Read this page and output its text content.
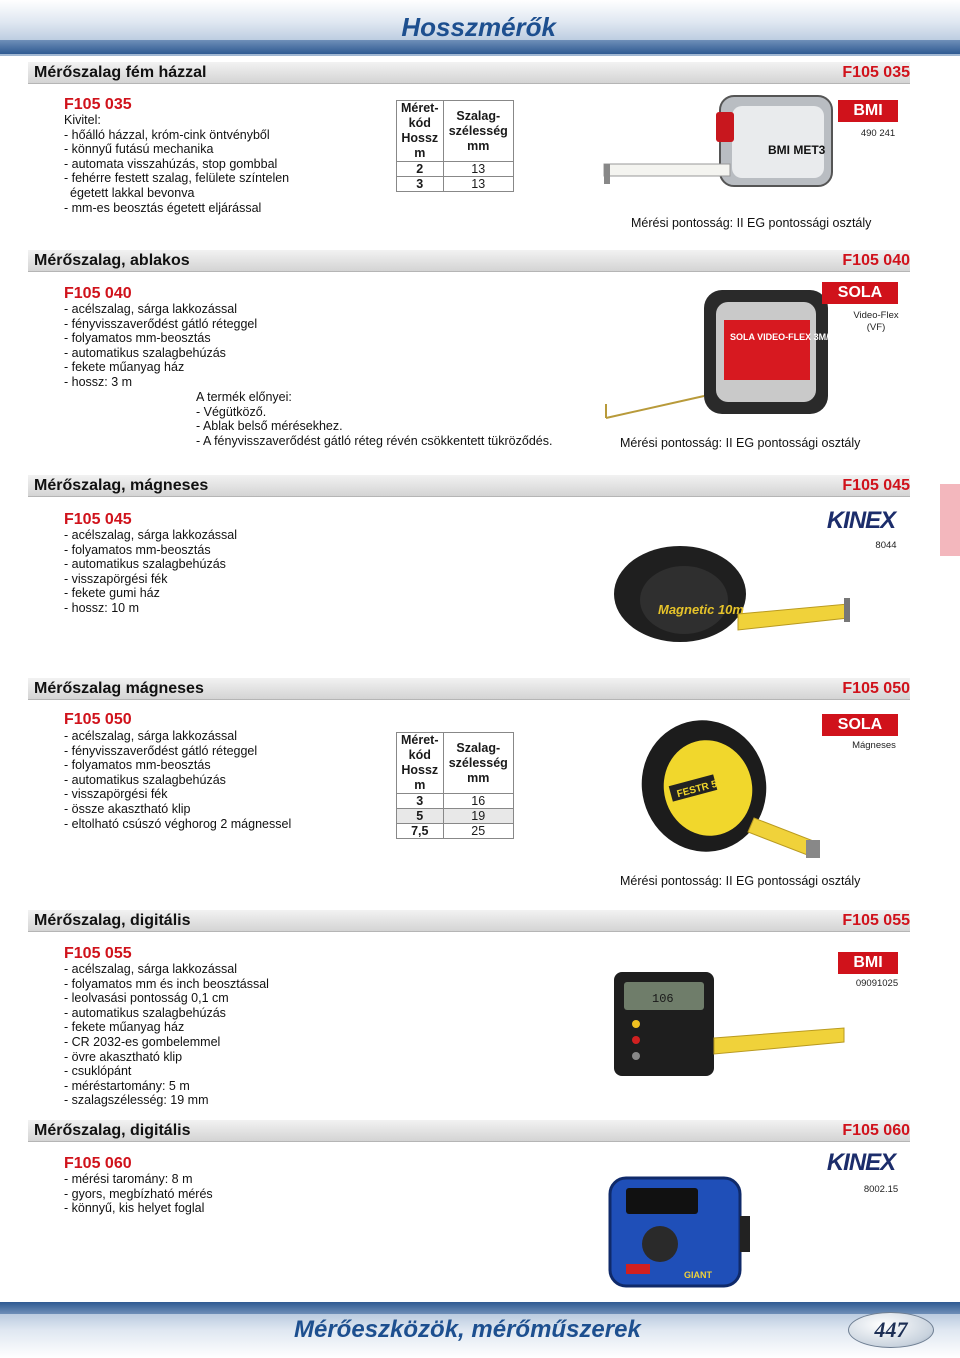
Hosszmérők
Mérőszalag fém házzal	F105 035
F105 035
Kivitel:
- hőálló házzal, króm-cink öntvényből
- könnyű futású mechanika
- automata visszahúzás, stop gombbal
- fehérre festett szalag, felülete színtelen
égetett lakkal bevonva
- mm-es beosztás égetett eljárással
Méret-kód Hossz m	Szalag-szélesség mm
2	13
3	13
BMI MET3
BMI
490 241
Mérési pontosság: II EG pontossági osztály
Mérőszalag, ablakos	F105 040
F105 040
- acélszalag, sárga lakkozással
- fényvisszaverődést gátló réteggel
- folyamatos mm-beosztás
- automatikus szalagbehúzás
- fekete műanyag ház
- hossz: 3 m
A termék előnyei:
- Végütköző.
- Ablak belső mérésekhez.
- A fényvisszaverődést gátló réteg révén csökkentett tükröződés.
SOLA VIDEO-FLEX 3M/13MM
SOLA
Video-Flex
(VF)
Mérési pontosság: II EG pontossági osztály
Mérőszalag, mágneses	F105 045
F105 045
- acélszalag, sárga lakkozással
- folyamatos mm-beosztás
- automatikus szalagbehúzás
- visszapörgési fék
- fekete gumi ház
- hossz: 10 m	Magnetic 10m
KINEX
8044
Mérőszalag mágneses	F105 050
F105 050
- acélszalag, sárga lakkozással
- fényvisszaverődést gátló réteggel
- folyamatos mm-beosztás
- automatikus szalagbehúzás
- visszapörgési fék
- össze akasztható klip
- eltolható csúszó véghorog 2 mágnessel
Méret-kód Hossz m	Szalag-szélesség mm
3	16
5	19
7,5	25
FESTR 5M
SOLA
Mágneses
Mérési pontosság: II EG pontossági osztály
Mérőszalag, digitális	F105 055
F105 055
- acélszalag, sárga lakkozással
- folyamatos mm és inch beosztással
- leolvasási pontosság 0,1 cm
- automatikus szalagbehúzás
- fekete műanyag ház
- CR 2032-es gombelemmel
- övre akasztható klip
- csuklópánt
- méréstartomány: 5 m
- szalagszélesség: 19 mm
106
BMI
09091025
Mérőszalag, digitális	F105 060
F105 060
- mérési taromány: 8 m
- gyors, megbízható mérés
- könnyű, kis helyet foglal
GIANT
KINEX
8002.15
Mérőeszközök, mérőműszerek	447
